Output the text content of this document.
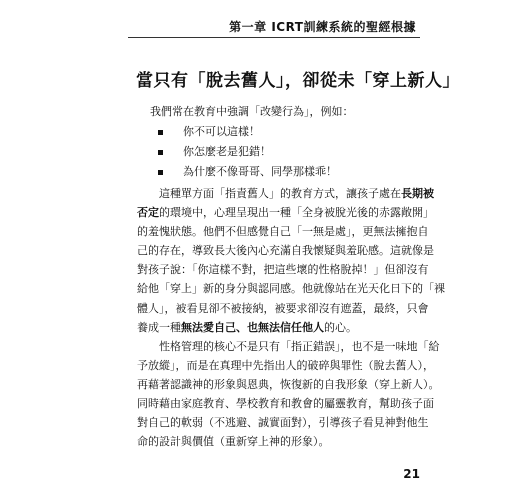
第一章 ICRT訓練系統的聖經根據
當只有「脫去舊人」，卻從未「穿上新人」
我們常在教育中強調「改變行為」，例如：
你不可以這樣！
你怎麼老是犯錯！
為什麼不像哥哥、同學那樣乖！
這種單方面「指責舊人」的教育方式，讓孩子處在長期被
否定的環境中，心理呈現出一種「全身被脫光後的赤露敞開」
的羞愧狀態。他們不但感覺自己「一無是處」，更無法擁抱自
己的存在，導致長大後內心充滿自我懷疑與羞恥感。這就像是
對孩子說：「你這樣不對，把這些壞的性格脫掉！」但卻沒有
給他「穿上」新的身分與認同感。他就像站在光天化日下的「裸
體人」，被看見卻不被接納，被要求卻沒有遮蓋，最終，只會
養成一種無法愛自己、也無法信任他人的心。
性格管理的核心不是只有「指正錯誤」，也不是一味地「給
予放縱」，而是在真理中先指出人的破碎與罪性（脫去舊人），
再藉著認識神的形象與恩典，恢復新的自我形象（穿上新人）。
同時藉由家庭教育、學校教育和教會的屬靈教育，幫助孩子面
對自己的軟弱（不逃避、誠實面對），引導孩子看見神對他生
命的設計與價值（重新穿上神的形象）。
21
